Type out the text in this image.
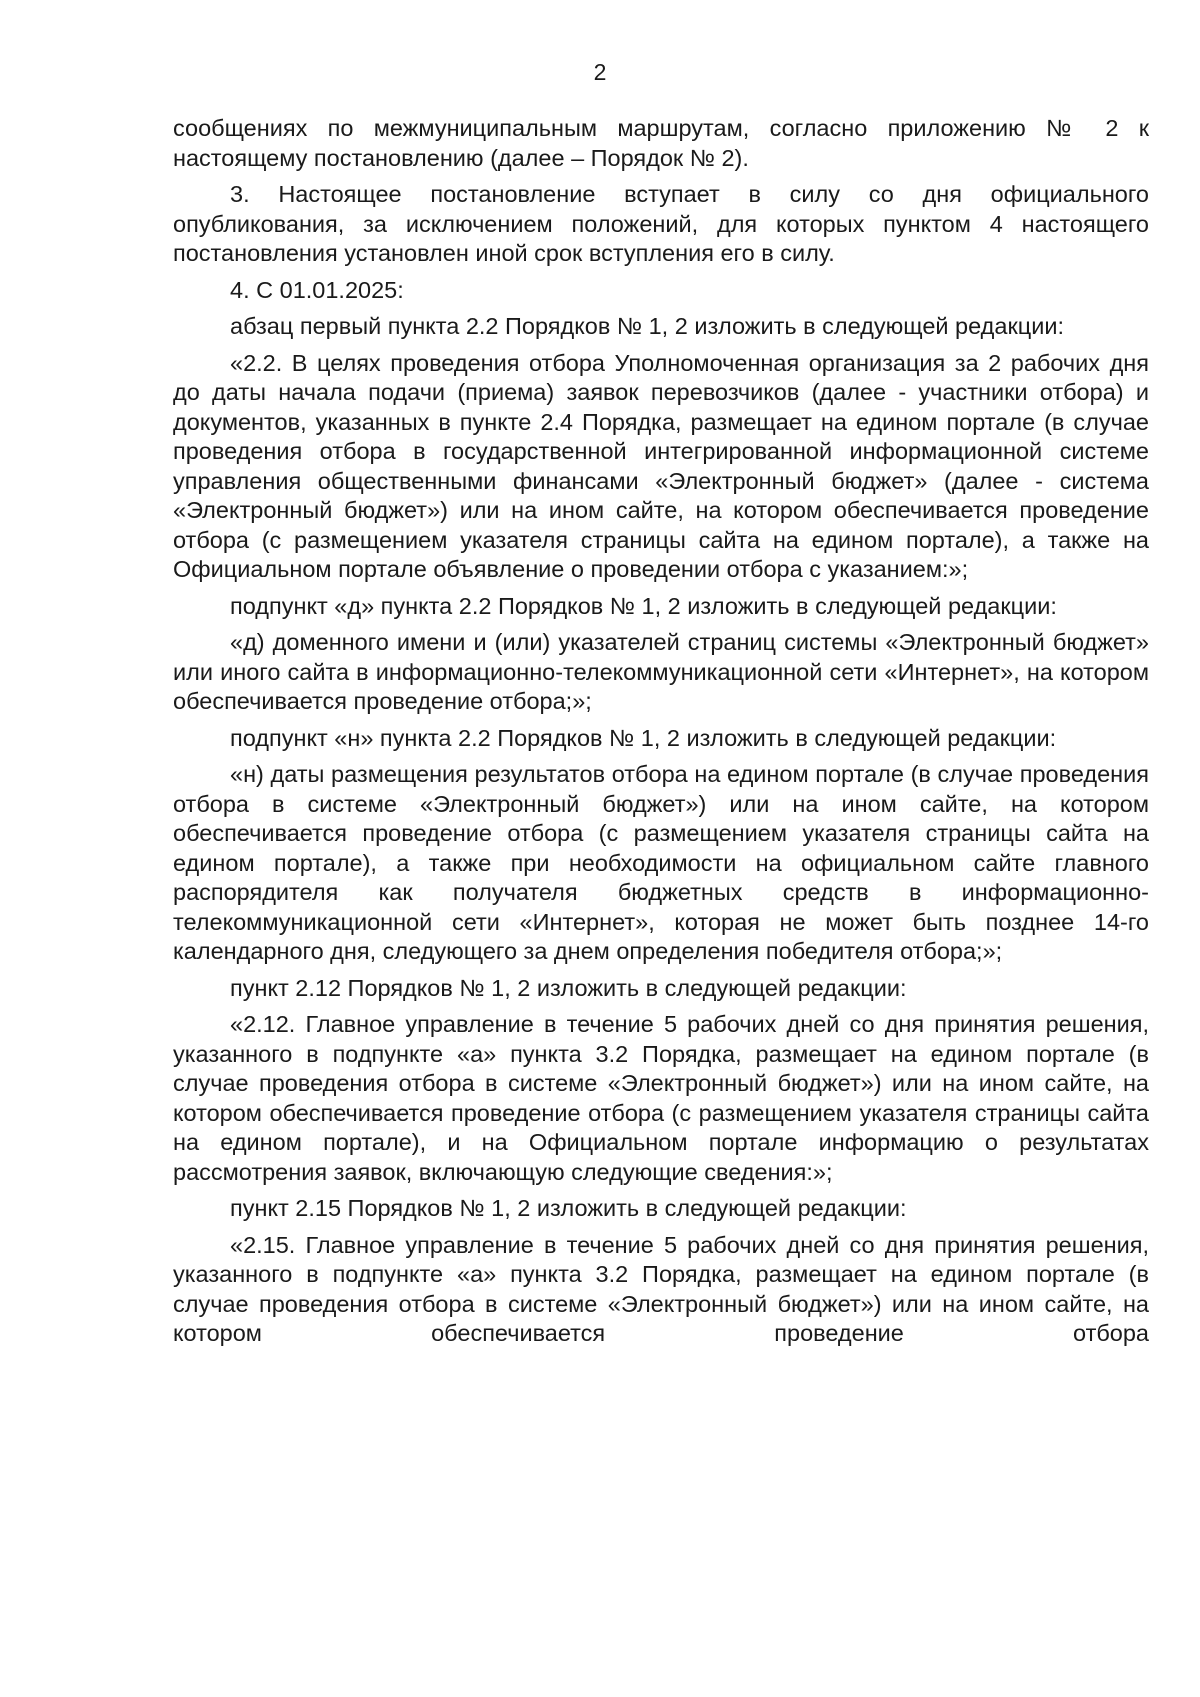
2

сообщениях по межмуниципальным маршрутам, согласно приложению № 2 к настоящему постановлению (далее – Порядок № 2).

3. Настоящее постановление вступает в силу со дня официального опубликования, за исключением положений, для которых пунктом 4 настоящего постановления установлен иной срок вступления его в силу.

4. С 01.01.2025:

абзац первый пункта 2.2 Порядков № 1, 2 изложить в следующей редакции:

«2.2. В целях проведения отбора Уполномоченная организация за 2 рабочих дня до даты начала подачи (приема) заявок перевозчиков (далее - участники отбора) и документов, указанных в пункте 2.4 Порядка, размещает на едином портале (в случае проведения отбора в государственной интегрированной информационной системе управления общественными финансами «Электронный бюджет» (далее - система «Электронный бюджет») или на ином сайте, на котором обеспечивается проведение отбора (с размещением указателя страницы сайта на едином портале), а также на Официальном портале объявление о проведении отбора с указанием:»;

подпункт «д» пункта 2.2 Порядков № 1, 2 изложить в следующей редакции:

«д) доменного имени и (или) указателей страниц системы «Электронный бюджет» или иного сайта в информационно-телекоммуникационной сети «Интернет», на котором обеспечивается проведение отбора;»;

подпункт «н» пункта 2.2 Порядков № 1, 2 изложить в следующей редакции:

«н) даты размещения результатов отбора на едином портале (в случае проведения отбора в системе «Электронный бюджет») или на ином сайте, на котором обеспечивается проведение отбора (с размещением указателя страницы сайта на едином портале), а также при необходимости на официальном сайте главного распорядителя как получателя бюджетных средств в информационно-телекоммуникационной сети «Интернет», которая не может быть позднее 14-го календарного дня, следующего за днем определения победителя отбора;»;

пункт 2.12 Порядков № 1, 2 изложить в следующей редакции:

«2.12. Главное управление в течение 5 рабочих дней со дня принятия решения, указанного в подпункте «а» пункта 3.2 Порядка, размещает на едином портале (в случае проведения отбора в системе «Электронный бюджет») или на ином сайте, на котором обеспечивается проведение отбора (с размещением указателя страницы сайта на едином портале), и на Официальном портале информацию о результатах рассмотрения заявок, включающую следующие сведения:»;

пункт 2.15 Порядков № 1, 2 изложить в следующей редакции:

«2.15. Главное управление в течение 5 рабочих дней со дня принятия решения, указанного в подпункте «а» пункта 3.2 Порядка, размещает на едином портале (в случае проведения отбора в системе «Электронный бюджет») или на ином сайте, на котором обеспечивается проведение отбора
